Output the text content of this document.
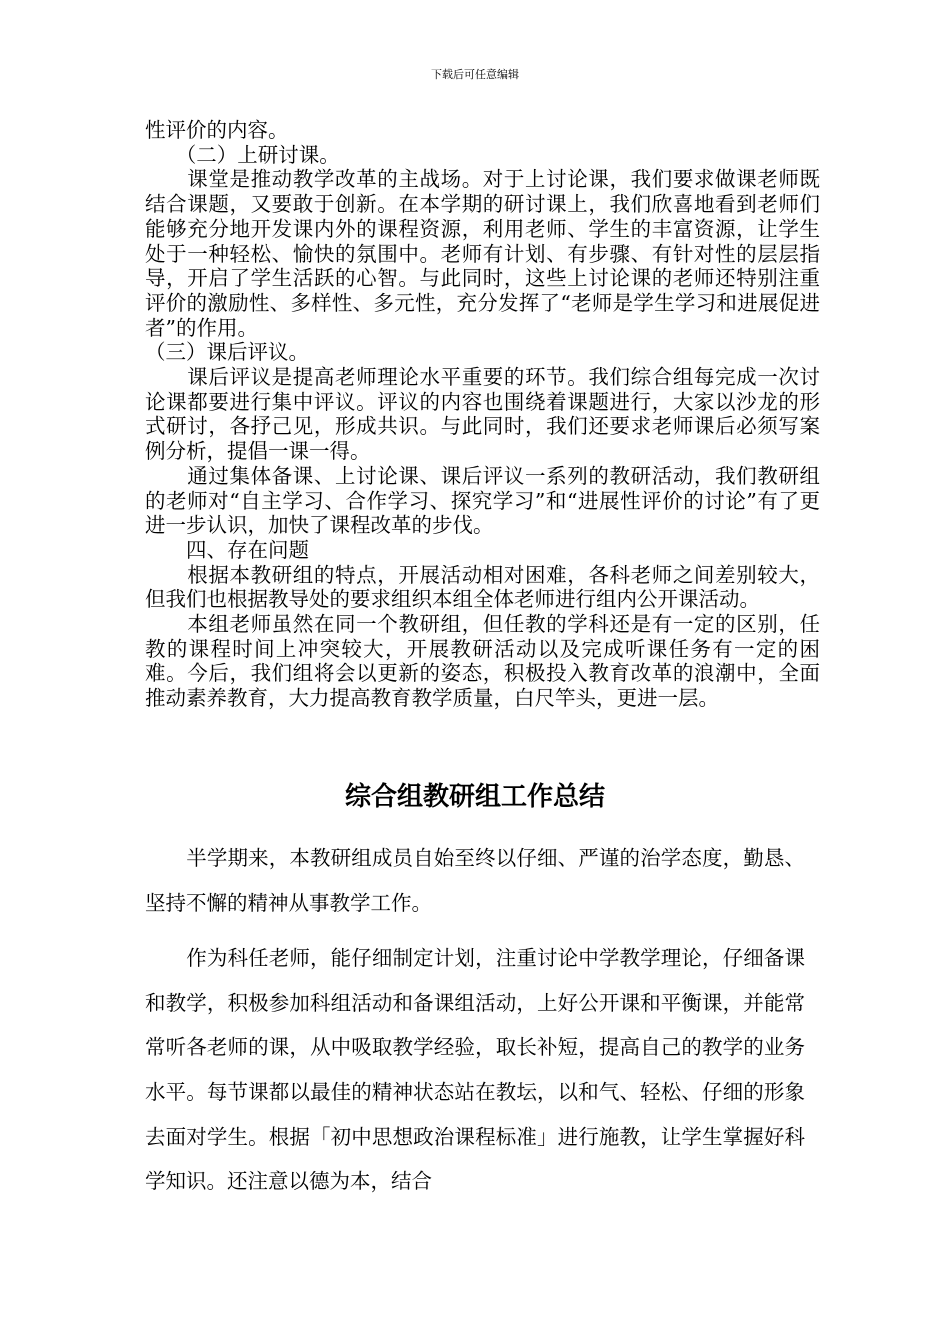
下载后可任意编辑

性评价的内容。

　　（二）上研讨课。

　　课堂是推动教学改革的主战场。对于上讨论课，我们要求做课老师既结合课题，又要敢于创新。在本学期的研讨课上，我们欣喜地看到老师们能够充分地开发课内外的课程资源，利用老师、学生的丰富资源，让学生处于一种轻松、愉快的氛围中。老师有计划、有步骤、有针对性的层层指导，开启了学生活跃的心智。与此同时，这些上讨论课的老师还特别注重评价的激励性、多样性、多元性，充分发挥了“老师是学生学习和进展促进者”的作用。

（三）课后评议。

　　课后评议是提高老师理论水平重要的环节。我们综合组每完成一次讨论课都要进行集中评议。评议的内容也围绕着课题进行，大家以沙龙的形式研讨，各抒己见，形成共识。与此同时，我们还要求老师课后必须写案例分析，提倡一课一得。

　　通过集体备课、上讨论课、课后评议一系列的教研活动，我们教研组的老师对“自主学习、合作学习、探究学习”和“进展性评价的讨论”有了更进一步认识，加快了课程改革的步伐。

　　四、存在问题

　　根据本教研组的特点，开展活动相对困难，各科老师之间差别较大，但我们也根据教导处的要求组织本组全体老师进行组内公开课活动。

　　本组老师虽然在同一个教研组，但任教的学科还是有一定的区别，任教的课程时间上冲突较大，开展教研活动以及完成听课任务有一定的困难。今后，我们组将会以更新的姿态，积极投入教育改革的浪潮中，全面推动素养教育，大力提高教育教学质量，白尺竿头，更进一层。

综合组教研组工作总结

　　半学期来，本教研组成员自始至终以仔细、严谨的治学态度，勤恳、坚持不懈的精神从事教学工作。

　　作为科任老师，能仔细制定计划，注重讨论中学教学理论，仔细备课和教学，积极参加科组活动和备课组活动，上好公开课和平衡课，并能常常听各老师的课，从中吸取教学经验，取长补短，提高自己的教学的业务水平。每节课都以最佳的精神状态站在教坛，以和气、轻松、仔细的形象去面对学生。根据「初中思想政治课程标准」进行施教，让学生掌握好科学知识。还注意以德为本，结合
